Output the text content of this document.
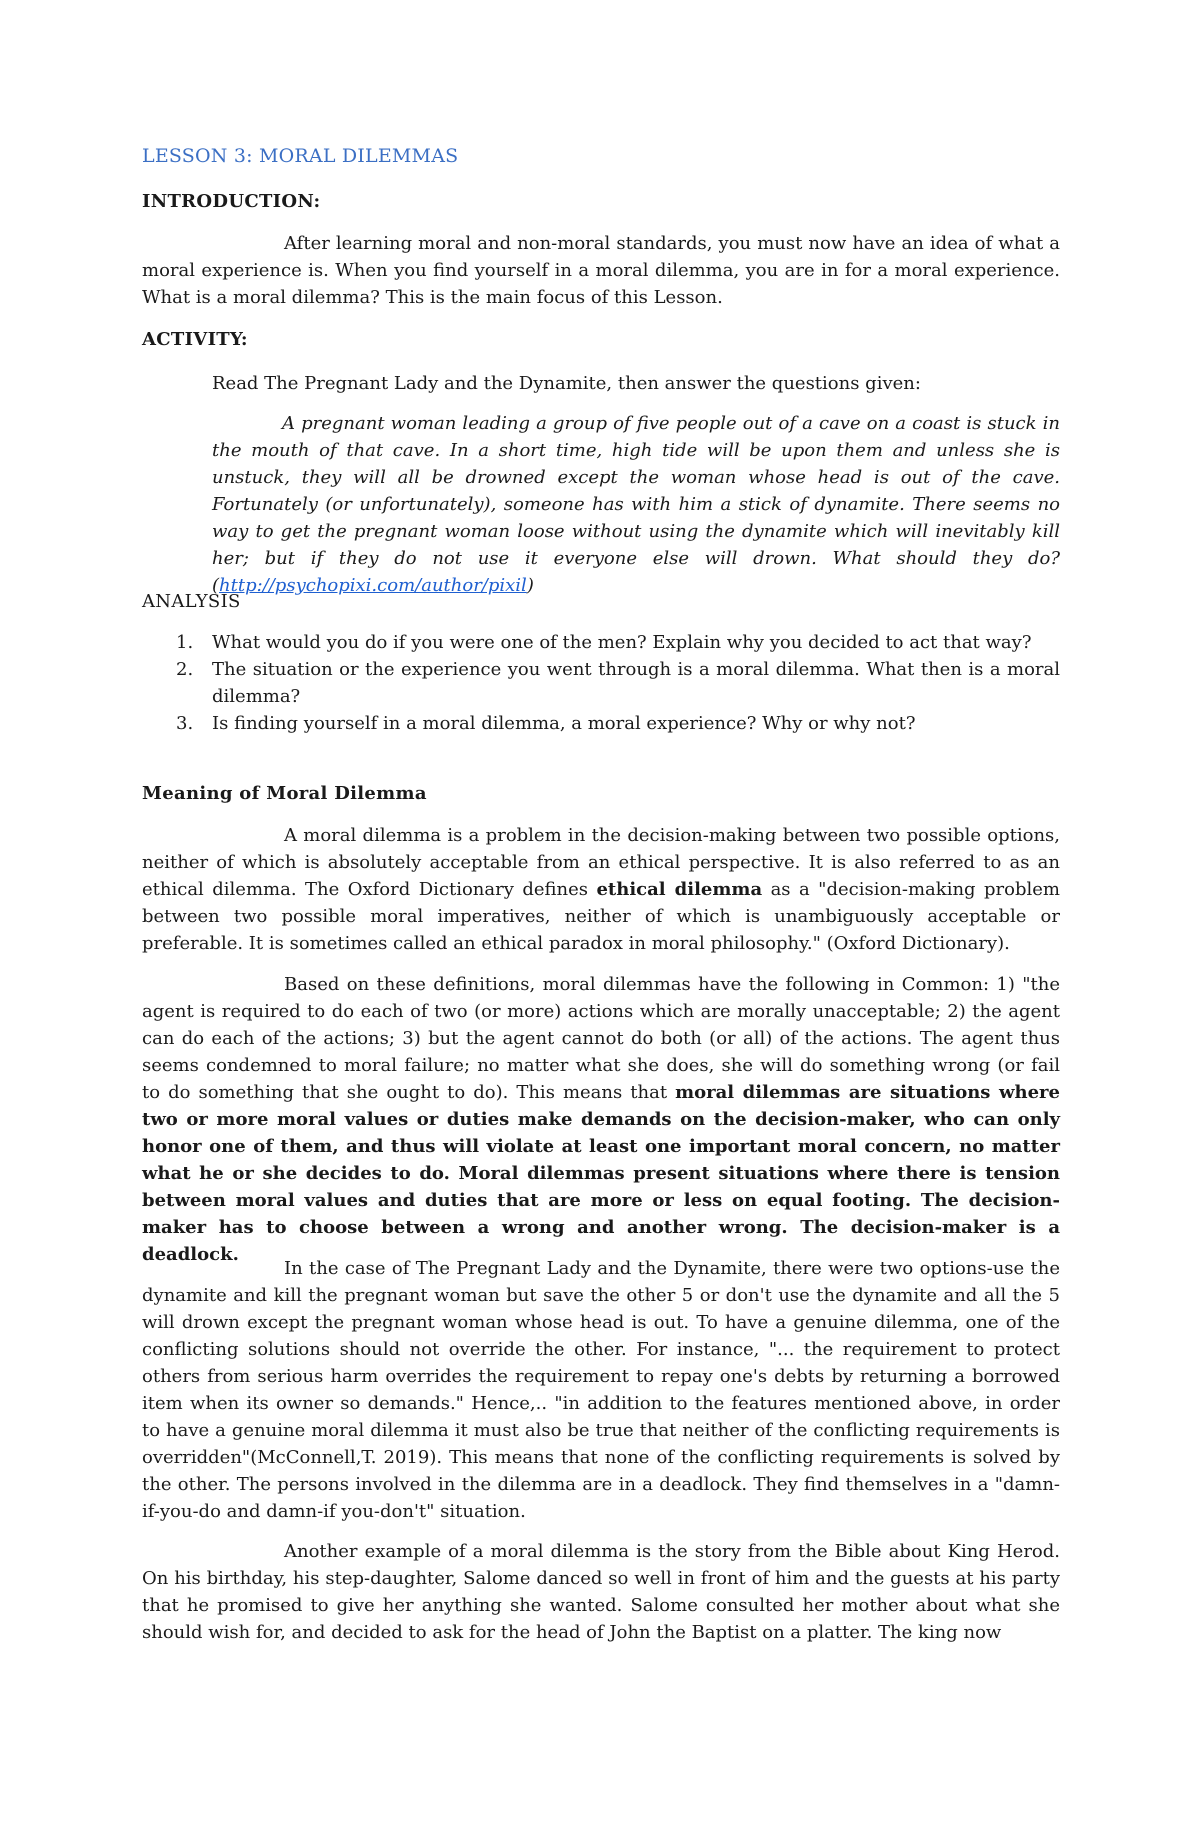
LESSON 3: MORAL DILEMMAS
INTRODUCTION:
After learning moral and non-moral standards, you must now have an idea of what a moral experience is. When you find yourself in a moral dilemma, you are in for a moral experience. What is a moral dilemma? This is the main focus of this Lesson.
ACTIVITY:
Read The Pregnant Lady and the Dynamite, then answer the questions given:
A pregnant woman leading a group of five people out of a cave on a coast is stuck in the mouth of that cave. In a short time, high tide will be upon them and unless she is unstuck, they will all be drowned except the woman whose head is out of the cave. Fortunately (or unfortunately), someone has with him a stick of dynamite. There seems no way to get the pregnant woman loose without using the dynamite which will inevitably kill her; but if they do not use it everyone else will drown. What should they do? (http://psychopixi.com/author/pixil)
ANALYSIS
1. What would you do if you were one of the men? Explain why you decided to act that way?
2. The situation or the experience you went through is a moral dilemma. What then is a moral dilemma?
3. Is finding yourself in a moral dilemma, a moral experience? Why or why not?
Meaning of Moral Dilemma
A moral dilemma is a problem in the decision-making between two possible options, neither of which is absolutely acceptable from an ethical perspective. It is also referred to as an ethical dilemma. The Oxford Dictionary defines ethical dilemma as a "decision-making problem between two possible moral imperatives, neither of which is unambiguously acceptable or preferable. It is sometimes called an ethical paradox in moral philosophy." (Oxford Dictionary).
Based on these definitions, moral dilemmas have the following in Common: 1) "the agent is required to do each of two (or more) actions which are morally unacceptable; 2) the agent can do each of the actions; 3) but the agent cannot do both (or all) of the actions. The agent thus seems condemned to moral failure; no matter what she does, she will do something wrong (or fail to do something that she ought to do). This means that moral dilemmas are situations where two or more moral values or duties make demands on the decision-maker, who can only honor one of them, and thus will violate at least one important moral concern, no matter what he or she decides to do. Moral dilemmas present situations where there is tension between moral values and duties that are more or less on equal footing. The decision-maker has to choose between a wrong and another wrong. The decision-maker is a deadlock.
In the case of The Pregnant Lady and the Dynamite, there were two options-use the dynamite and kill the pregnant woman but save the other 5 or don't use the dynamite and all the 5 will drown except the pregnant woman whose head is out. To have a genuine dilemma, one of the conflicting solutions should not override the other. For instance, "... the requirement to protect others from serious harm overrides the requirement to repay one's debts by returning a borrowed item when its owner so demands." Hence,.. "in addition to the features mentioned above, in order to have a genuine moral dilemma it must also be true that neither of the conflicting requirements is overridden"(McConnell,T. 2019). This means that none of the conflicting requirements is solved by the other. The persons involved in the dilemma are in a deadlock. They find themselves in a "damn-if-you-do and damn-if you-don't" situation.
Another example of a moral dilemma is the story from the Bible about King Herod. On his birthday, his step-daughter, Salome danced so well in front of him and the guests at his party that he promised to give her anything she wanted. Salome consulted her mother about what she should wish for, and decided to ask for the head of John the Baptist on a platter. The king now
